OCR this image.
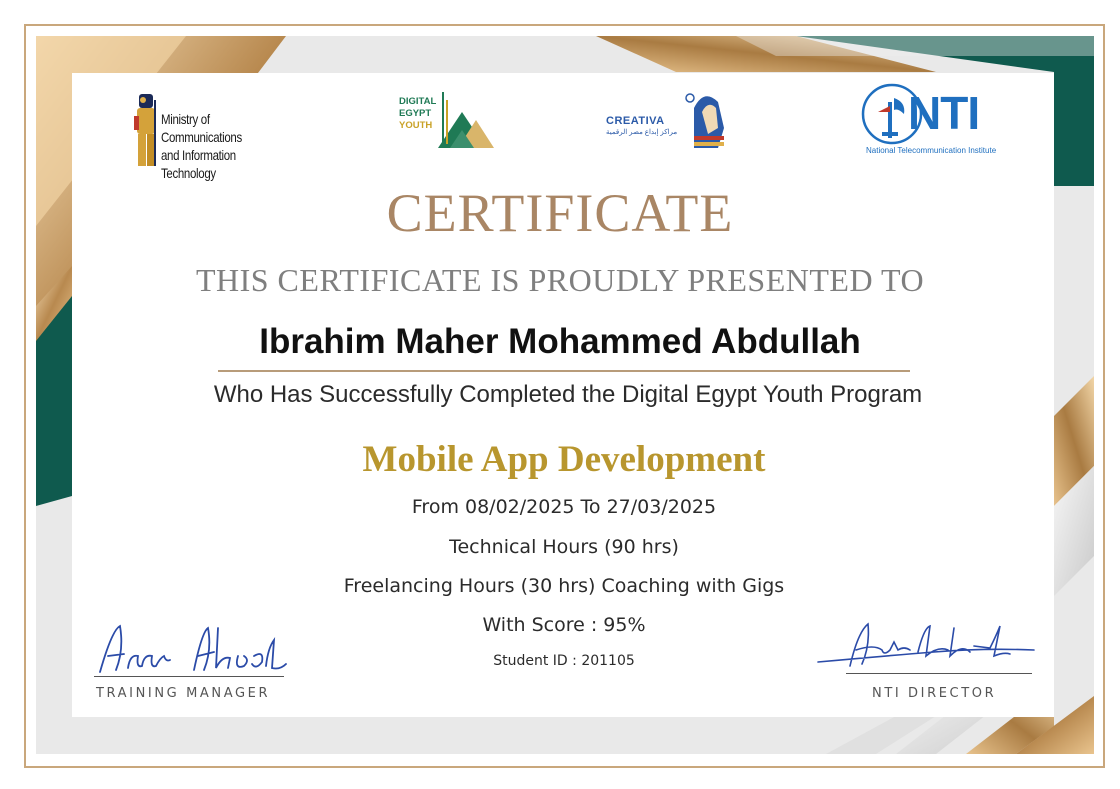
Ministry of Communications
and Information Technology
DIGITAL
EGYPT
YOUTH	CREATIVA
مراكز إبداع مصر الرقمية	NTI
National Telecommunication Institute
CERTIFICATE
THIS CERTIFICATE IS PROUDLY PRESENTED TO
Ibrahim Maher Mohammed Abdullah
Who Has Successfully Completed the Digital Egypt Youth Program
Mobile App Development
From 08/02/2025 To 27/03/2025
Technical Hours (90 hrs)
Freelancing Hours (30 hrs) Coaching with Gigs
With Score : 95%
Student ID : 201105
TRAINING MANAGER	NTI DIRECTOR
